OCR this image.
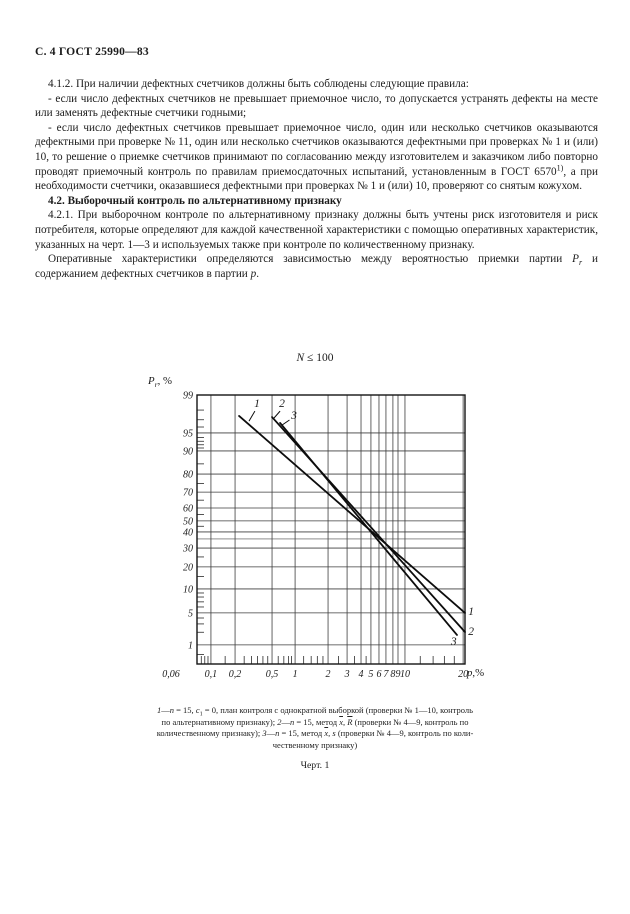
С. 4 ГОСТ 25990—83

4.1.2. При наличии дефектных счетчиков должны быть соблюдены следующие правила:

- если число дефектных счетчиков не превышает приемочное число, то допускается устранять дефекты на месте или заменять дефектные счетчики годными;

- если число дефектных счетчиков превышает приемочное число, один или несколько счетчиков оказываются дефектными при проверке № 11, один или несколько счетчиков оказываются дефектными при проверках № 1 и (или) 10, то решение о приемке счетчиков принимают по согласованию между изготовителем и заказчиком либо повторно проводят приемочный контроль по правилам приемосдаточных испытаний, установленным в ГОСТ 6570$^{1)}$, а при необходимости счетчики, оказавшиеся дефектными при проверках № 1 и (или) 10, проверяют со снятым кожухом.

4.2. Выборочный контроль по альтернативному признаку

4.2.1. При выборочном контроле по альтернативному признаку должны быть учтены риск изготовителя и риск потребителя, которые определяют для каждой качественной характеристики с помощью оперативных характеристик, указанных на черт. 1—3 и используемых также при контроле по количественному признаку.

Оперативные характеристики определяются зависимостью между вероятностью приемки партии $P_r$ и содержанием дефектных счетчиков в партии p.

N ≤ 100
$P_r$, %
p,%
1
1
2
2
3
3
0,06 0,1 0,2 0,5 1	2 3 4 5 6 7 8 9 10	20
99
95
90
80
70
60
50
40
30
20
10
5
1
1—n = 15, $c_1 = 0$, план контроля с однократной выборкой (проверки № 1—10, контроль
по альтернативному признаку); 2—n = 15, метод $\overline{x}$, $\overline{R}$ (проверки № 4—9, контроль по
количественному признаку); 3—n = 15, метод $\overline{x}$, s (проверки № 4—9, контроль по коли-
чественному признаку)
Черт. 1
